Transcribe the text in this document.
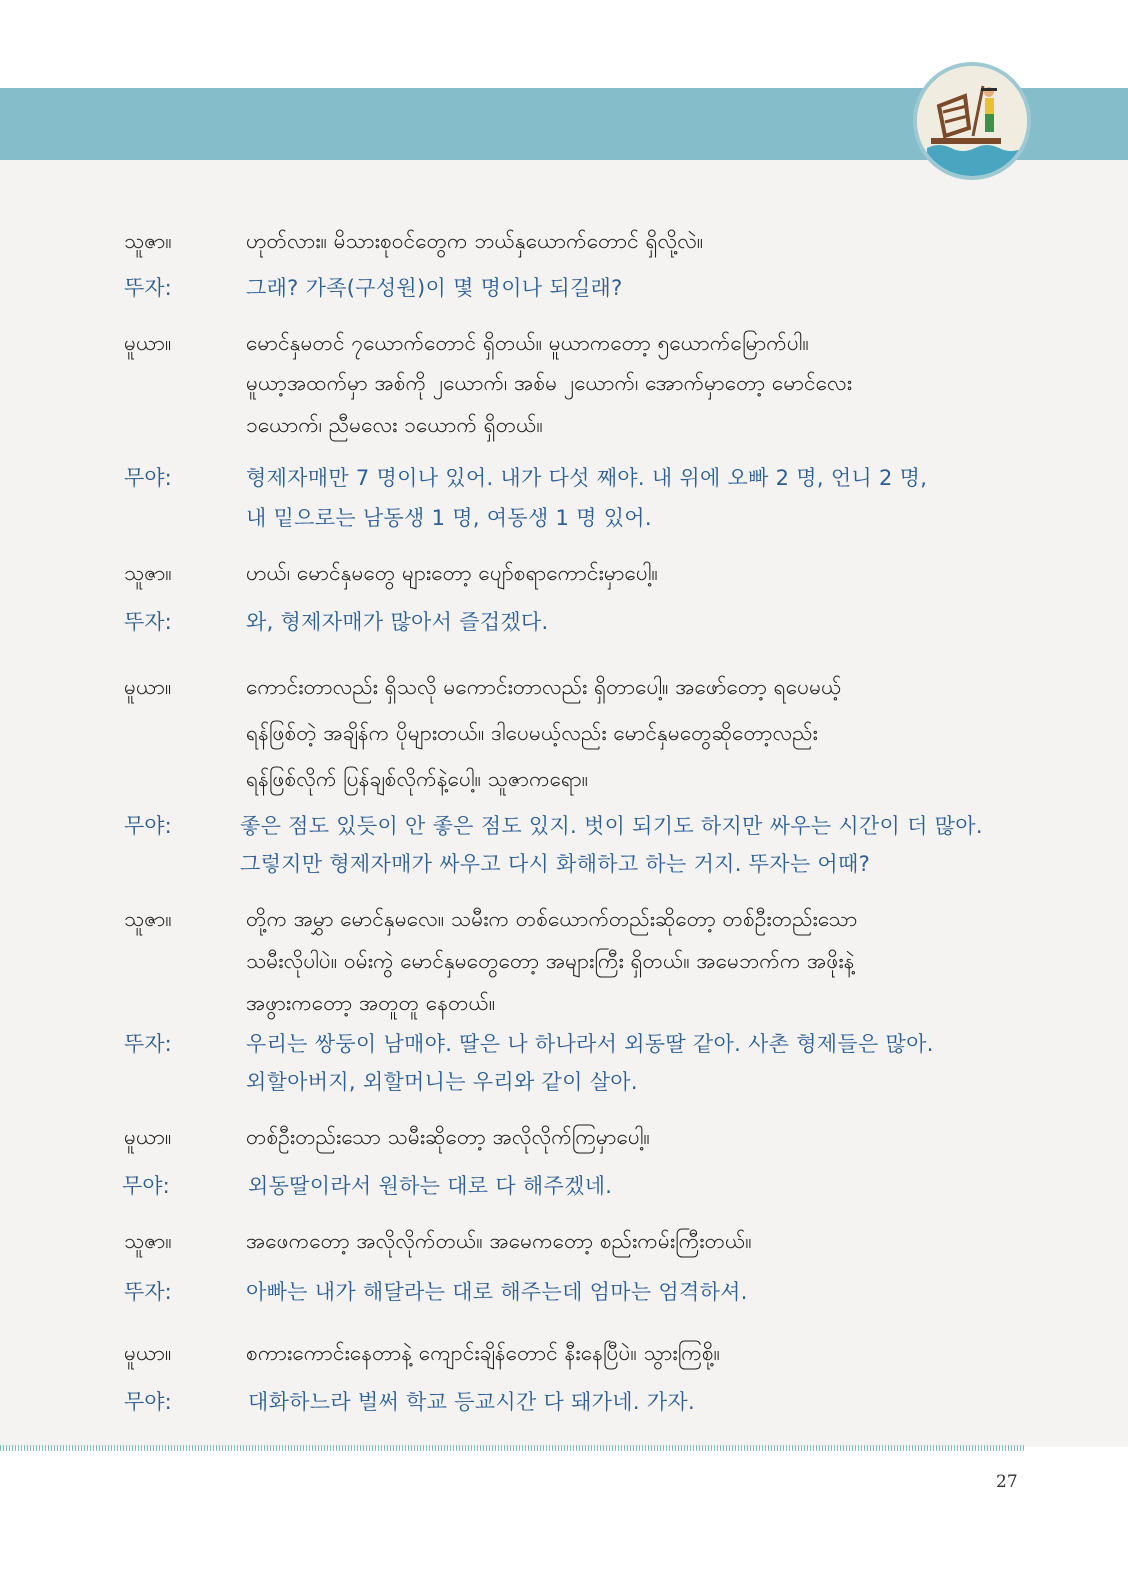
သူဇာ။	ဟုတ်လား။ မိသားစုဝင်တွေက ဘယ်နှယောက်တောင် ရှိလို့လဲ။
뚜자:	그래? 가족(구성원)이 몇 명이나 되길래?
မူယာ။	မောင်နှမတင် ၇ယောက်တောင် ရှိတယ်။ မူယာကတော့ ၅ယောက်မြောက်ပါ။
မူယာ့အထက်မှာ အစ်ကို ၂ယောက်၊ အစ်မ ၂ယောက်၊ အောက်မှာတော့ မောင်လေး
၁ယောက်၊ ညီမလေး ၁ယောက် ရှိတယ်။
무야:	형제자매만 7 명이나 있어. 내가 다섯 째야. 내 위에 오빠 2 명, 언니 2 명,
내 밑으로는 남동생 1 명, 여동생 1 명 있어.
သူဇာ။	ဟယ်၊ မောင်နှမတွေ များတော့ ပျော်စရာကောင်းမှာပေါ့။
뚜자:	와, 형제자매가 많아서 즐겁겠다.
မူယာ။	ကောင်းတာလည်း ရှိသလို မကောင်းတာလည်း ရှိတာပေါ့။ အဖော်တော့ ရပေမယ့်
ရန်ဖြစ်တဲ့ အချိန်က ပိုများတယ်။ ဒါပေမယ့်လည်း မောင်နှမတွေဆိုတော့လည်း
ရန်ဖြစ်လိုက် ပြန်ချစ်လိုက်နဲ့ပေါ့။ သူဇာကရော။
무야:	좋은 점도 있듯이 안 좋은 점도 있지. 벗이 되기도 하지만 싸우는 시간이 더 많아.
그렇지만 형제자매가 싸우고 다시 화해하고 하는 거지. 뚜자는 어때?
သူဇာ။	တို့က အမွှာ မောင်နှမလေ။ သမီးက တစ်ယောက်တည်းဆိုတော့ တစ်ဦးတည်းသော
သမီးလိုပါပဲ။ ဝမ်းကွဲ မောင်နှမတွေတော့ အများကြီး ရှိတယ်။ အမေဘက်က အဖိုးနဲ့
အဖွားကတော့ အတူတူ နေတယ်။
뚜자:	우리는 쌍둥이 남매야. 딸은 나 하나라서 외동딸 같아. 사촌 형제들은 많아.
외할아버지, 외할머니는 우리와 같이 살아.
မူယာ။	တစ်ဦးတည်းသော သမီးဆိုတော့ အလိုလိုက်ကြမှာပေါ့။
무야:	외동딸이라서 원하는 대로 다 해주겠네.
သူဇာ။	အဖေကတော့ အလိုလိုက်တယ်။ အမေကတော့ စည်းကမ်းကြီးတယ်။
뚜자:	아빠는 내가 해달라는 대로 해주는데 엄마는 엄격하셔.
မူယာ။	စကားကောင်းနေတာနဲ့ ကျောင်းချိန်တောင် နီးနေပြီပဲ။ သွားကြစို့။
무야:	대화하느라 벌써 학교 등교시간 다 돼가네. 가자.
27
